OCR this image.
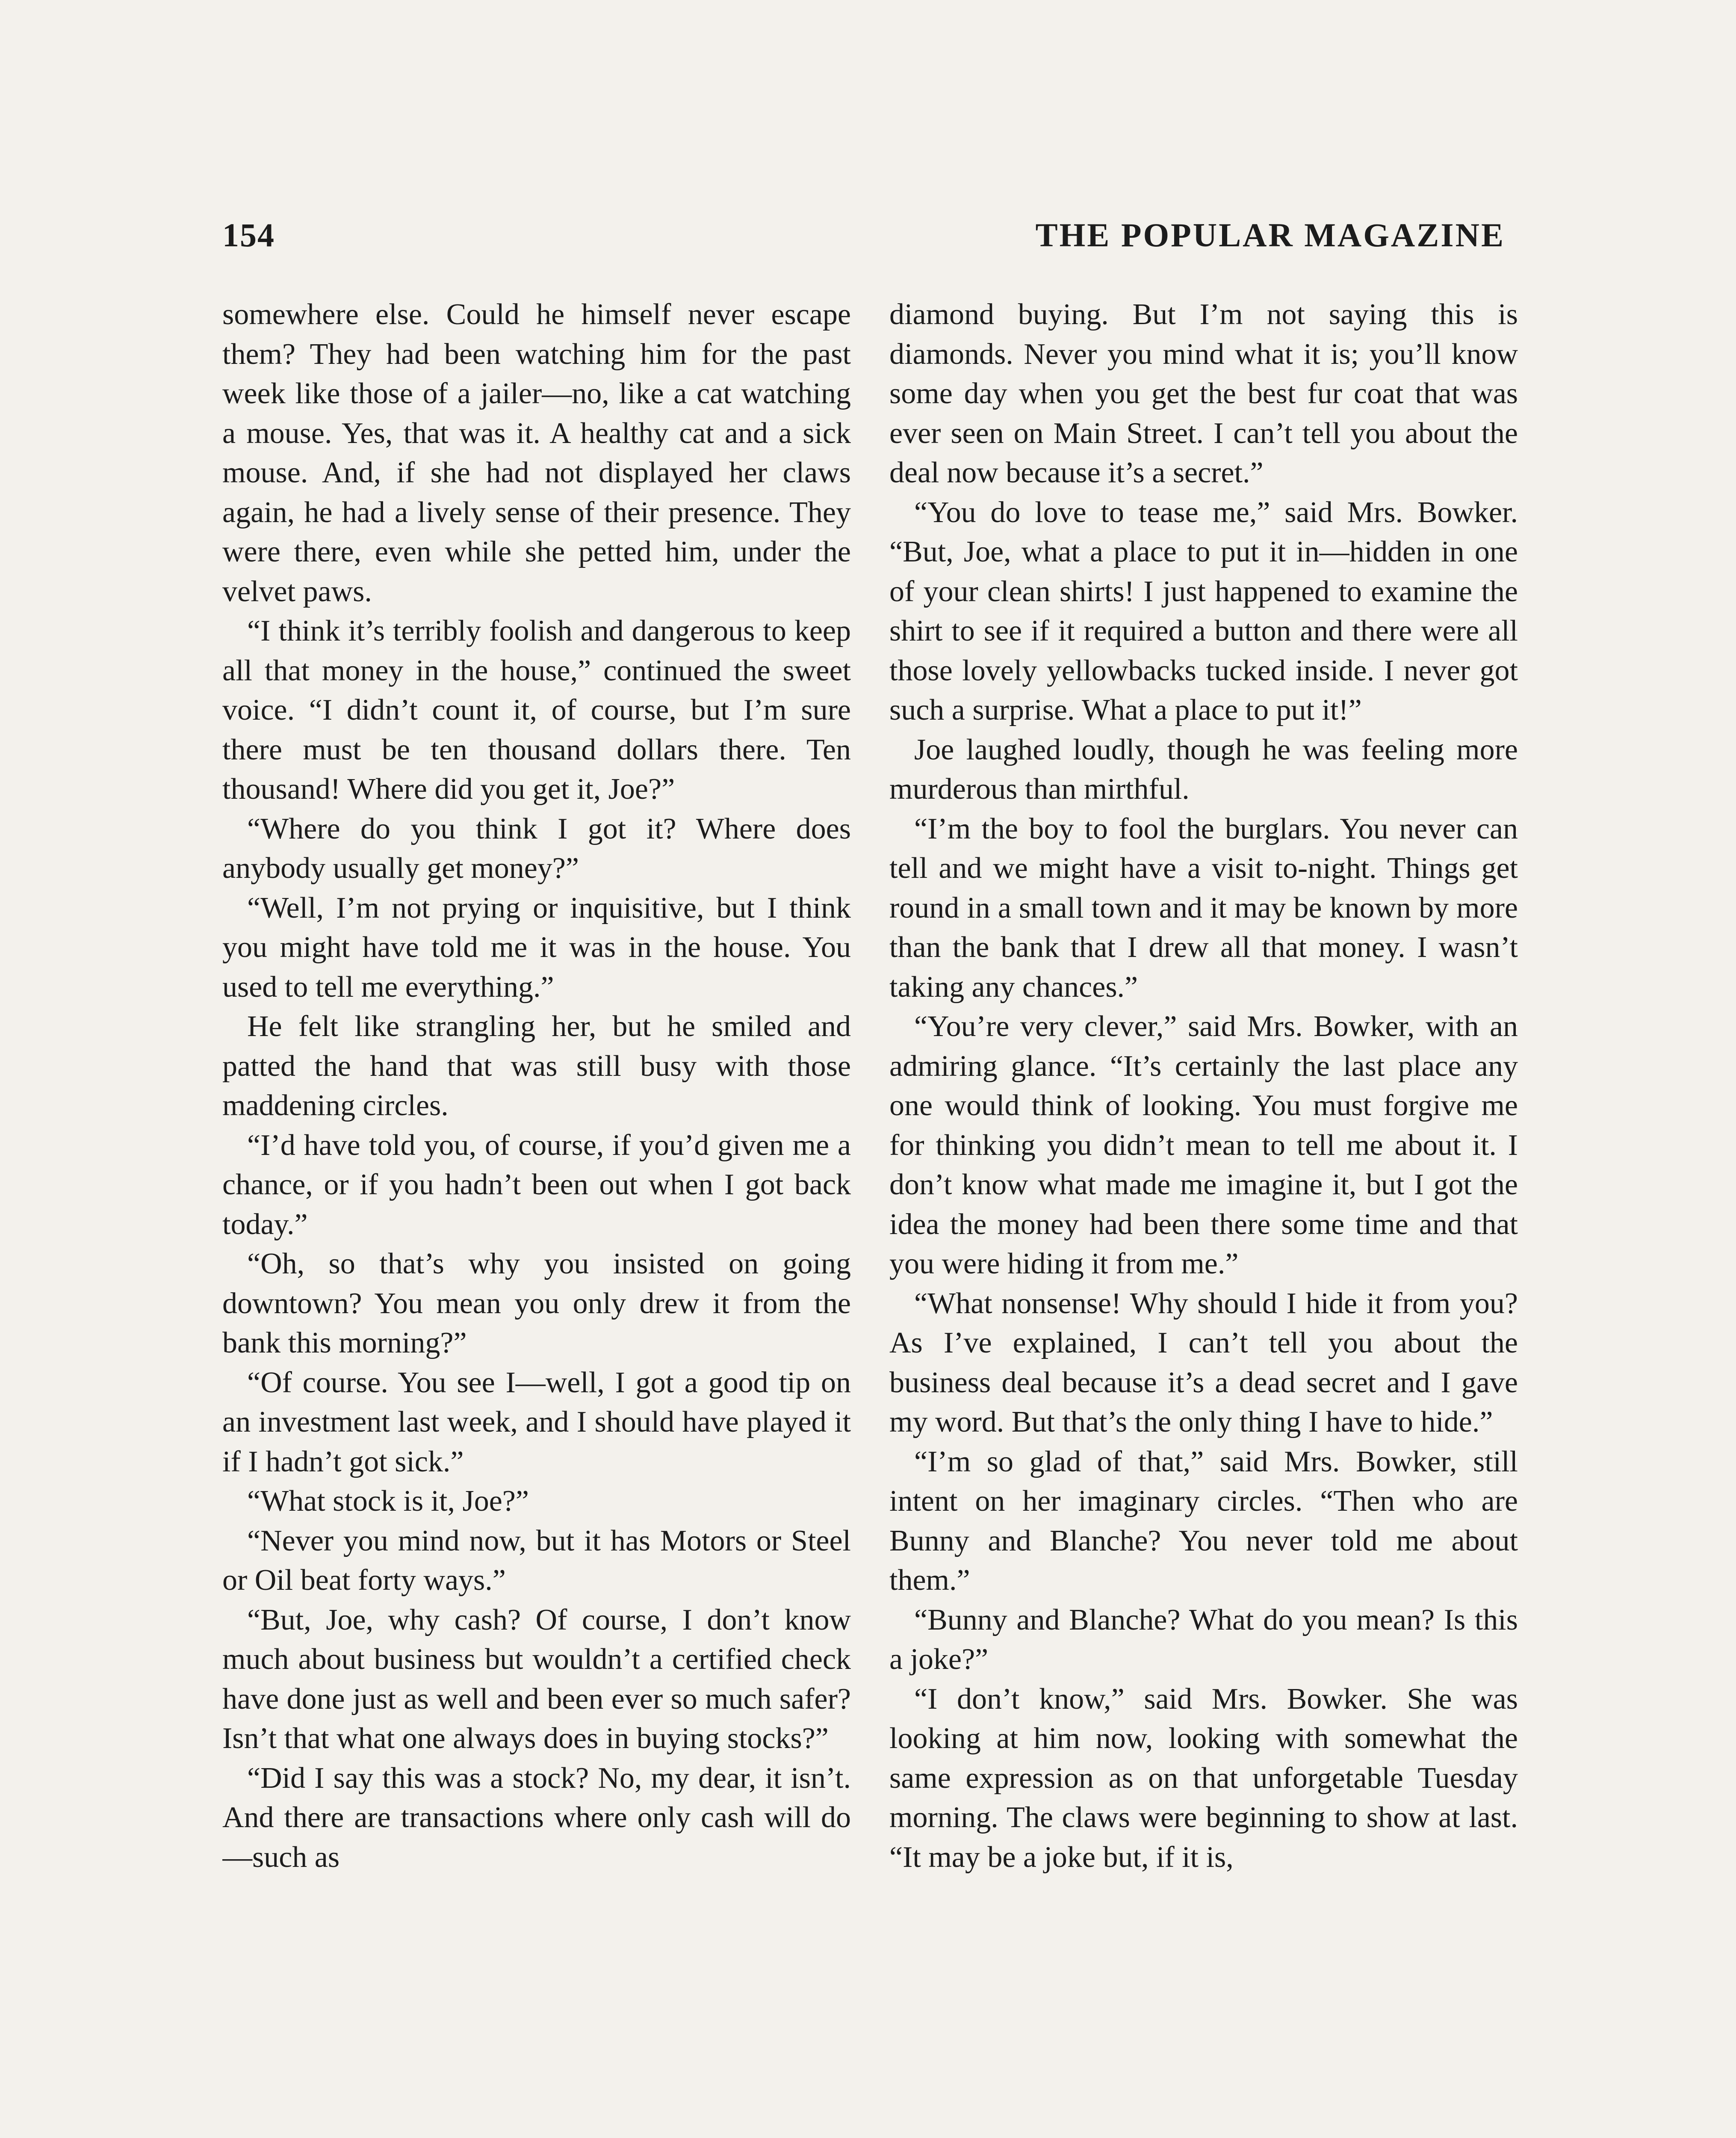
154	THE POPULAR MAGAZINE

somewhere else. Could he himself never escape them? They had been watching him for the past week like those of a jailer—no, like a cat watching a mouse. Yes, that was it. A healthy cat and a sick mouse. And, if she had not displayed her claws again, he had a lively sense of their presence. They were there, even while she petted him, under the velvet paws.

“I think it’s terribly foolish and dangerous to keep all that money in the house,” continued the sweet voice. “I didn’t count it, of course, but I’m sure there must be ten thousand dollars there. Ten thousand! Where did you get it, Joe?”

“Where do you think I got it? Where does anybody usually get money?”

“Well, I’m not prying or inquisitive, but I think you might have told me it was in the house. You used to tell me everything.”

He felt like strangling her, but he smiled and patted the hand that was still busy with those maddening circles.

“I’d have told you, of course, if you’d given me a chance, or if you hadn’t been out when I got back today.”

“Oh, so that’s why you insisted on going downtown? You mean you only drew it from the bank this morning?”

“Of course. You see I—well, I got a good tip on an investment last week, and I should have played it if I hadn’t got sick.”

“What stock is it, Joe?”

“Never you mind now, but it has Motors or Steel or Oil beat forty ways.”

“But, Joe, why cash? Of course, I don’t know much about business but wouldn’t a certified check have done just as well and been ever so much safer? Isn’t that what one always does in buying stocks?”

“Did I say this was a stock? No, my dear, it isn’t. And there are transactions where only cash will do—such as

diamond buying. But I’m not saying this is diamonds. Never you mind what it is; you’ll know some day when you get the best fur coat that was ever seen on Main Street. I can’t tell you about the deal now because it’s a secret.”

“You do love to tease me,” said Mrs. Bowker. “But, Joe, what a place to put it in—hidden in one of your clean shirts! I just happened to examine the shirt to see if it required a button and there were all those lovely yellowbacks tucked inside. I never got such a surprise. What a place to put it!”

Joe laughed loudly, though he was feeling more murderous than mirthful.

“I’m the boy to fool the burglars. You never can tell and we might have a visit to-night. Things get round in a small town and it may be known by more than the bank that I drew all that money. I wasn’t taking any chances.”

“You’re very clever,” said Mrs. Bowker, with an admiring glance. “It’s certainly the last place any one would think of looking. You must forgive me for thinking you didn’t mean to tell me about it. I don’t know what made me imagine it, but I got the idea the money had been there some time and that you were hiding it from me.”

“What nonsense! Why should I hide it from you? As I’ve explained, I can’t tell you about the business deal because it’s a dead secret and I gave my word. But that’s the only thing I have to hide.”

“I’m so glad of that,” said Mrs. Bowker, still intent on her imaginary circles. “Then who are Bunny and Blanche? You never told me about them.”

“Bunny and Blanche? What do you mean? Is this a joke?”

“I don’t know,” said Mrs. Bowker. She was looking at him now, looking with somewhat the same expression as on that unforgetable Tuesday morning. The claws were beginning to show at last. “It may be a joke but, if it is,
